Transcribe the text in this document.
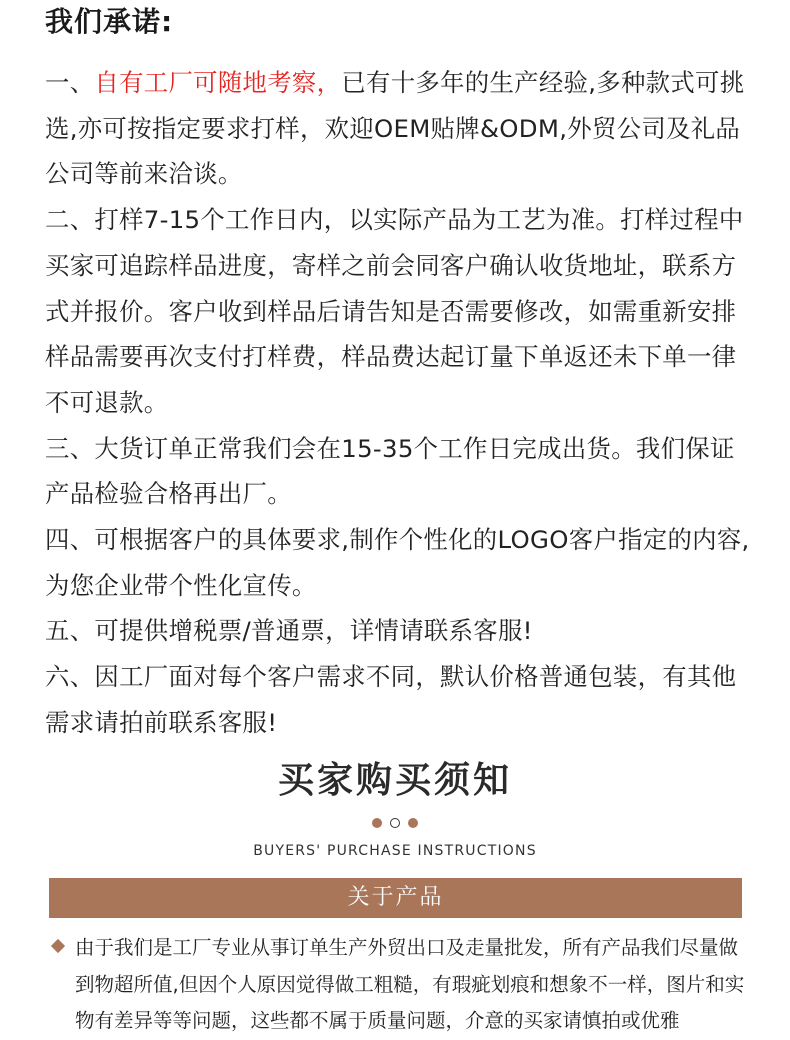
我们承诺:

一、自有工厂可随地考察，已有十多年的生产经验,多种款式可挑选,亦可按指定要求打样，欢迎OEM贴牌&ODM,外贸公司及礼品公司等前来洽谈。

二、打样7-15个工作日内，以实际产品为工艺为准。打样过程中买家可追踪样品进度，寄样之前会同客户确认收货地址，联系方式并报价。客户收到样品后请告知是否需要修改，如需重新安排样品需要再次支付打样费，样品费达起订量下单返还未下单一律不可退款。

三、大货订单正常我们会在15-35个工作日完成出货。我们保证产品检验合格再出厂。

四、可根据客户的具体要求,制作个性化的LOGO客户指定的内容,为您企业带个性化宣传。

五、可提供增税票/普通票，详情请联系客服!

六、因工厂面对每个客户需求不同，默认价格普通包装，有其他需求请拍前联系客服!

买家购买须知
BUYERS' PURCHASE INSTRUCTIONS
关于产品

由于我们是工厂专业从事订单生产外贸出口及走量批发，所有产品我们尽量做到物超所值,但因个人原因觉得做工粗糙，有瑕疵划痕和想象不一样，图片和实物有差异等等问题，这些都不属于质量问题，介意的买家请慎拍或优雅
